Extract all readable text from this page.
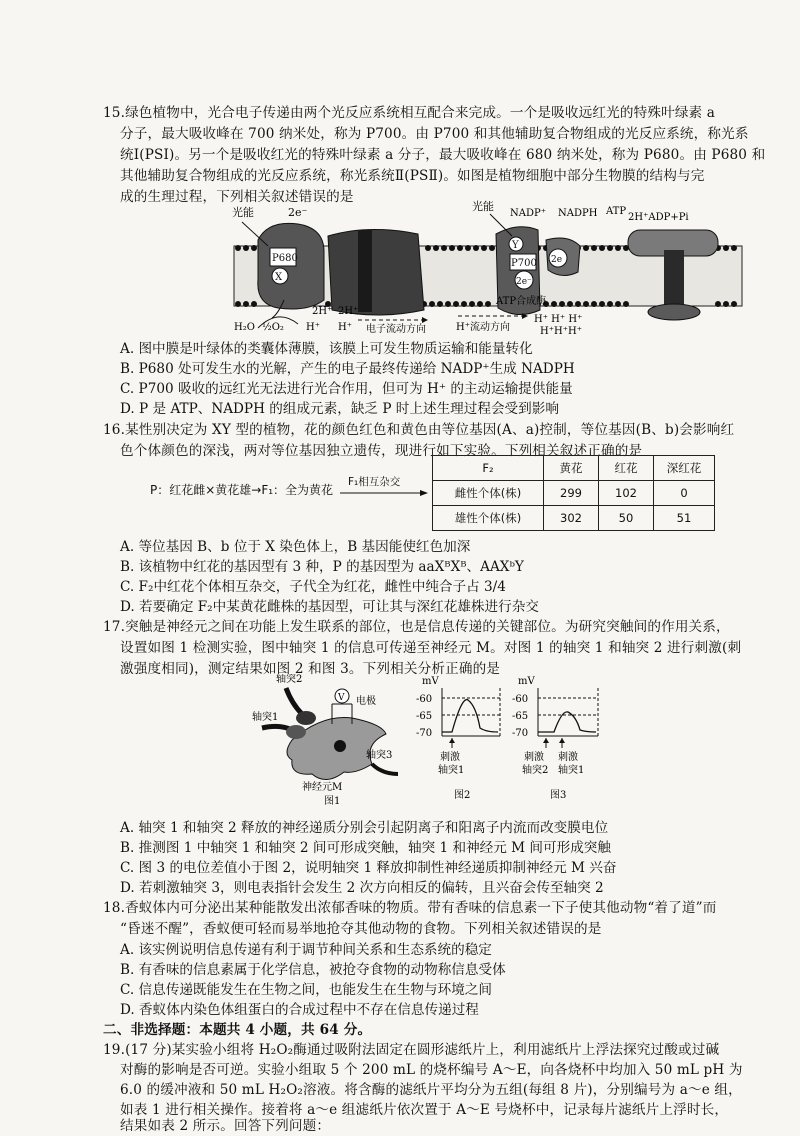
15.绿色植物中，光合电子传递由两个光反应系统相互配合来完成。一个是吸收远红光的特殊叶绿素 a
分子，最大吸收峰在 700 纳米处，称为 P700。由 P700 和其他辅助复合物组成的光反应系统，称光系
统Ⅰ(PSI)。另一个是吸收红光的特殊叶绿素 a 分子，最大吸收峰在 680 纳米处，称为 P680。由 P680 和
其他辅助复合物组成的光反应系统，称光系统Ⅱ(PSⅡ)。如图是植物细胞中部分生物膜的结构与完
成的生理过程，下列相关叙述错误的是
P680
X
P700
Y
2e⁻
2e
光能	2e⁻	光能
NADP⁺ NADPH ATP
2H⁺ADP+Pi
H₂O ½O₂ H⁺
2H⁺ 2H⁺
H⁺ 电子流动方向	H⁺流动方向
ATP合成酶
H⁺ H⁺ H⁺
H⁺H⁺H⁺
A. 图中膜是叶绿体的类囊体薄膜，该膜上可发生物质运输和能量转化
B. P680 处可发生水的光解，产生的电子最终传递给 NADP⁺生成 NADPH
C. P700 吸收的远红光无法进行光合作用，但可为 H⁺ 的主动运输提供能量
D. P 是 ATP、NADPH 的组成元素，缺乏 P 时上述生理过程会受到影响
16.某性别决定为 XY 型的植物，花的颜色红色和黄色由等位基因(A、a)控制，等位基因(B、b)会影响红
色个体颜色的深浅，两对等位基因独立遗传，现进行如下实验。下列相关叙述正确的是
P：红花雌×黄花雄→F₁：全为黄花
F₁相互杂交
F₂	黄花	红花	深红花
雌性个体(株)	299	102	0
雄性个体(株)	302	50	51
A. 等位基因 B、b 位于 X 染色体上，B 基因能使红色加深
B. 该植物中红花的基因型有 3 种，P 的基因型为 aaXᴮXᴮ、AAXᵇY
C. F₂中红花个体相互杂交，子代全为红花，雌性中纯合子占 3/4
D. 若要确定 F₂中某黄花雌株的基因型，可让其与深红花雄株进行杂交
17.突触是神经元之间在功能上发生联系的部位，也是信息传递的关键部位。为研究突触间的作用关系，
设置如图 1 检测实验，图中轴突 1 的信息可传递至神经元 M。对图 1 的轴突 1 和轴突 2 进行刺激(刺
激强度相同)，测定结果如图 2 和图 3。下列相关分析正确的是
V
轴突2
电极
轴突1
轴突3
神经元M
图1
mV
-60
-65
-70
刺激
轴突1
图2
mV
-60
-65
-70
刺激
轴突2
刺激
轴突1
图3
A. 轴突 1 和轴突 2 释放的神经递质分别会引起阴离子和阳离子内流而改变膜电位
B. 推测图 1 中轴突 1 和轴突 2 间可形成突触，轴突 1 和神经元 M 间可形成突触
C. 图 3 的电位差值小于图 2，说明轴突 1 释放抑制性神经递质抑制神经元 M 兴奋
D. 若刺激轴突 3，则电表指针会发生 2 次方向相反的偏转，且兴奋会传至轴突 2
18.香蚁体内可分泌出某种能散发出浓郁香味的物质。带有香味的信息素一下子使其他动物“着了道”而
“昏迷不醒”，香蚁便可轻而易举地抢夺其他动物的食物。下列相关叙述错误的是
A. 该实例说明信息传递有利于调节种间关系和生态系统的稳定
B. 有香味的信息素属于化学信息，被抢夺食物的动物称信息受体
C. 信息传递既能发生在生物之间，也能发生在生物与环境之间
D. 香蚁体内染色体组蛋白的合成过程中不存在信息传递过程
二、非选择题：本题共 4 小题，共 64 分。
19.(17 分)某实验小组将 H₂O₂酶通过吸附法固定在圆形滤纸片上，利用滤纸片上浮法探究过酸或过碱
对酶的影响是否可逆。实验小组取 5 个 200 mL 的烧杯编号 A～E，向各烧杯中均加入 50 mL pH 为
6.0 的缓冲液和 50 mL H₂O₂溶液。将含酶的滤纸片平均分为五组(每组 8 片)，分别编号为 a～e 组，
如表 1 进行相关操作。接着将 a～e 组滤纸片依次置于 A～E 号烧杯中，记录每片滤纸片上浮时长，
结果如表 2 所示。回答下列问题：
